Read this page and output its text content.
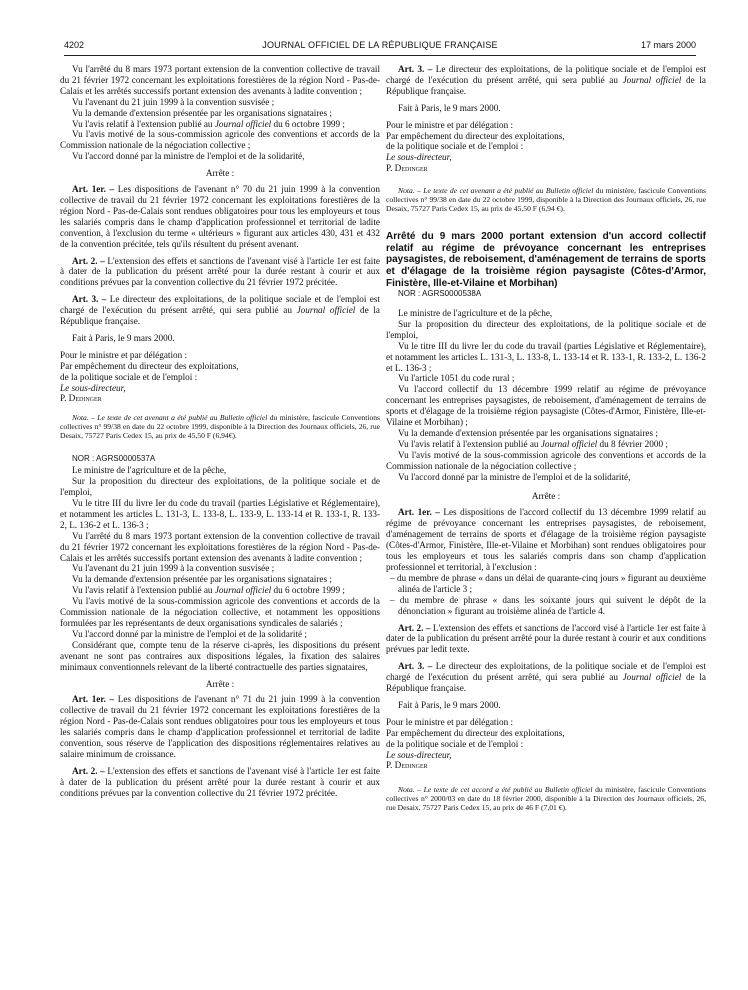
4202	JOURNAL OFFICIEL DE LA RÉPUBLIQUE FRANÇAISE	17 mars 2000

Vu l'arrêté du 8 mars 1973 portant extension de la convention collective de travail du 21 février 1972 concernant les exploitations forestières de la région Nord - Pas-de-Calais et les arrêtés successifs portant extension des avenants à ladite convention ;

Vu l'avenant du 21 juin 1999 à la convention susvisée ;

Vu la demande d'extension présentée par les organisations signataires ;

Vu l'avis relatif à l'extension publié au Journal officiel du 6 octobre 1999 ;

Vu l'avis motivé de la sous-commission agricole des conventions et accords de la Commission nationale de la négociation collective ;

Vu l'accord donné par la ministre de l'emploi et de la solidarité,

Arrête :

Art. 1er. – Les dispositions de l'avenant n° 70 du 21 juin 1999 à la convention collective de travail du 21 février 1972 concernant les exploitations forestières de la région Nord - Pas-de-Calais sont rendues obligatoires pour tous les employeurs et tous les salariés compris dans le champ d'application professionnel et territorial de ladite convention, à l'exclusion du terme « ultérieurs » figurant aux articles 430, 431 et 432 de la convention précitée, tels qu'ils résultent du présent avenant.

Art. 2. – L'extension des effets et sanctions de l'avenant visé à l'article 1er est faite à dater de la publication du présent arrêté pour la durée restant à courir et aux conditions prévues par la convention collective du 21 février 1972 précitée.

Art. 3. – Le directeur des exploitations, de la politique sociale et de l'emploi est chargé de l'exécution du présent arrêté, qui sera publié au Journal officiel de la République française.

Fait à Paris, le 9 mars 2000.

Pour le ministre et par délégation :

Par empêchement du directeur des exploitations,

de la politique sociale et de l'emploi :

Le sous-directeur,

P. Dedinger

Nota. – Le texte de cet avenant a été publié au Bulletin officiel du ministère, fascicule Conventions collectives n° 99/38 en date du 22 octobre 1999, disponible à la Direction des Journaux officiels, 26, rue Desaix, 75727 Paris Cedex 15, au prix de 45,50 F (6,94€).

NOR : AGRS0000537A

Le ministre de l'agriculture et de la pêche,

Sur la proposition du directeur des exploitations, de la politique sociale et de l'emploi,

Vu le titre III du livre Ier du code du travail (parties Législative et Réglementaire), et notamment les articles L. 131-3, L. 133-8, L. 133-9, L. 133-14 et R. 133-1, R. 133-2, L. 136-2 et L. 136-3 ;

Vu l'arrêté du 8 mars 1973 portant extension de la convention collective de travail du 21 février 1972 concernant les exploitations forestières de la région Nord - Pas-de-Calais et les arrêtés successifs portant extension des avenants à ladite convention ;

Vu l'avenant du 21 juin 1999 à la convention susvisée ;

Vu la demande d'extension présentée par les organisations signataires ;

Vu l'avis relatif à l'extension publié au Journal officiel du 6 octobre 1999 ;

Vu l'avis motivé de la sous-commission agricole des conventions et accords de la Commission nationale de la négociation collective, et notamment les oppositions formulées par les représentants de deux organisations syndicales de salariés ;

Vu l'accord donné par la ministre de l'emploi et de la solidarité ;

Considérant que, compte tenu de la réserve ci-après, les dispositions du présent avenant ne sont pas contraires aux dispositions légales, la fixation des salaires minimaux conventionnels relevant de la liberté contractuelle des parties signataires,

Arrête :

Art. 1er. – Les dispositions de l'avenant n° 71 du 21 juin 1999 à la convention collective de travail du 21 février 1972 concernant les exploitations forestières de la région Nord - Pas-de-Calais sont rendues obligatoires pour tous les employeurs et tous les salariés compris dans le champ d'application professionnel et territorial de ladite convention, sous réserve de l'application des dispositions réglementaires relatives au salaire minimum de croissance.

Art. 2. – L'extension des effets et sanctions de l'avenant visé à l'article 1er est faite à dater de la publication du présent arrêté pour la durée restant à courir et aux conditions prévues par la convention collective du 21 février 1972 précitée.

Art. 3. – Le directeur des exploitations, de la politique sociale et de l'emploi est chargé de l'exécution du présent arrêté, qui sera publié au Journal officiel de la République française.

Fait à Paris, le 9 mars 2000.

Pour le ministre et par délégation :

Par empêchement du directeur des exploitations,

de la politique sociale et de l'emploi :

Le sous-directeur,

P. Dedinger

Nota. – Le texte de cet avenant a été publié au Bulletin officiel du ministère, fascicule Conventions collectives n° 99/38 en date du 22 octobre 1999, disponible à la Direction des Journaux officiels, 26, rue Desaix, 75727 Paris Cedex 15, au prix de 45,50 F (6,94 €).

Arrêté du 9 mars 2000 portant extension d'un accord collectif relatif au régime de prévoyance concernant les entreprises paysagistes, de reboisement, d'aménagement de terrains de sports et d'élagage de la troisième région paysagiste (Côtes-d'Armor, Finistère, Ille-et-Vilaine et Morbihan)

NOR : AGRS0000538A

Le ministre de l'agriculture et de la pêche,

Sur la proposition du directeur des exploitations, de la politique sociale et de l'emploi,

Vu le titre III du livre Ier du code du travail (parties Législative et Réglementaire), et notamment les articles L. 131-3, L. 133-8, L. 133-14 et R. 133-1, R. 133-2, L. 136-2 et L. 136-3 ;

Vu l'article 1051 du code rural ;

Vu l'accord collectif du 13 décembre 1999 relatif au régime de prévoyance concernant les entreprises paysagistes, de reboisement, d'aménagement de terrains de sports et d'élagage de la troisième région paysagiste (Côtes-d'Armor, Finistère, Ille-et-Vilaine et Morbihan) ;

Vu la demande d'extension présentée par les organisations signataires ;

Vu l'avis relatif à l'extension publié au Journal officiel du 8 février 2000 ;

Vu l'avis motivé de la sous-commission agricole des conventions et accords de la Commission nationale de la négociation collective ;

Vu l'accord donné par la ministre de l'emploi et de la solidarité,

Arrête :

Art. 1er. – Les dispositions de l'accord collectif du 13 décembre 1999 relatif au régime de prévoyance concernant les entreprises paysagistes, de reboisement, d'aménagement de terrains de sports et d'élagage de la troisième région paysagiste (Côtes-d'Armor, Finistère, Ille-et-Vilaine et Morbihan) sont rendues obligatoires pour tous les employeurs et tous les salariés compris dans son champ d'application professionnel et territorial, à l'exclusion :

– du membre de phrase « dans un délai de quarante-cinq jours » figurant au deuxième alinéa de l'article 3 ;

– du membre de phrase « dans les soixante jours qui suivent le dépôt de la dénonciation » figurant au troisième alinéa de l'article 4.

Art. 2. – L'extension des effets et sanctions de l'accord visé à l'article 1er est faite à dater de la publication du présent arrêté pour la durée restant à courir et aux conditions prévues par ledit texte.

Art. 3. – Le directeur des exploitations, de la politique sociale et de l'emploi est chargé de l'exécution du présent arrêté, qui sera publié au Journal officiel de la République française.

Fait à Paris, le 9 mars 2000.

Pour le ministre et par délégation :

Par empêchement du directeur des exploitations,

de la politique sociale et de l'emploi :

Le sous-directeur,

P. Dedinger

Nota. – Le texte de cet accord a été publié au Bulletin officiel du ministère, fascicule Conventions collectives n° 2000/03 en date du 18 février 2000, disponible à la Direction des Journaux officiels, 26, rue Desaix, 75727 Paris Cedex 15, au prix de 46 F (7,01 €).
